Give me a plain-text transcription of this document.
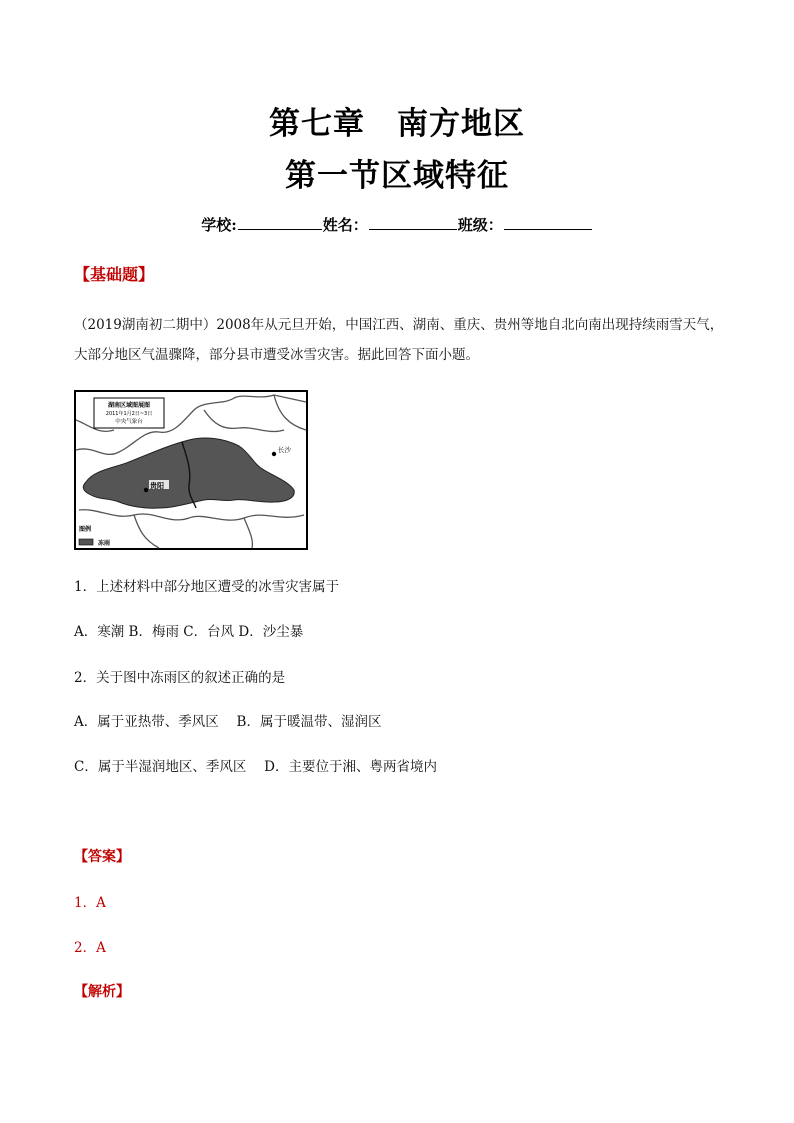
第七章　南方地区
第一节区域特征
学校:	姓名：	班级：
【基础题】
（2019湖南初二期中）2008年从元旦开始，中国江西、湖南、重庆、贵州等地自北向南出现持续雨雪天气，大部分地区气温骤降，部分县市遭受冰雪灾害。据此回答下面小题。
湖南区域图展图
2011年1月2日~3日
中央气象台
贵阳
长沙
图例
冻雨
1．上述材料中部分地区遭受的冰雪灾害属于
A．寒潮 B．梅雨 C．台风 D．沙尘暴
2．关于图中冻雨区的叙述正确的是
A．属于亚热带、季风区　 B．属于暖温带、湿润区
C．属于半湿润地区、季风区　 D．主要位于湘、粤两省境内
【答案】
1．A
2．A
【解析】
